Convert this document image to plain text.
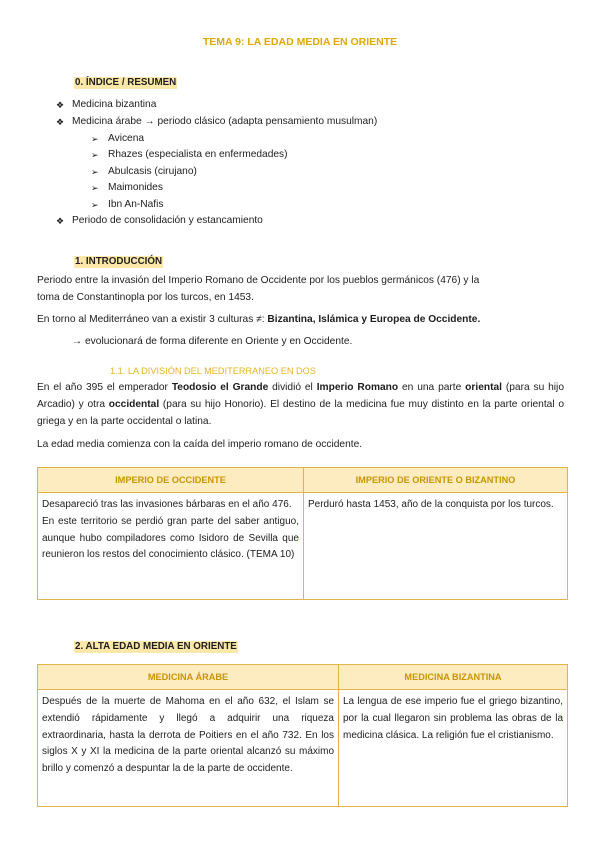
TEMA 9: LA EDAD MEDIA EN ORIENTE
0. ÍNDICE / RESUMEN
❖ Medicina bizantina
❖ Medicina árabe → periodo clásico (adapta pensamiento musulman)
➢ Avicena
➢ Rhazes (especialista en enfermedades)
➢ Abulcasis (cirujano)
➢ Maimonides
➢ Ibn An-Nafis
❖ Periodo de consolidación y estancamiento
1. INTRODUCCIÓN
Periodo entre la invasión del Imperio Romano de Occidente por los pueblos germánicos (476) y la
toma de Constantinopla por los turcos, en 1453.
En torno al Mediterráneo van a existir 3 culturas ≠: Bizantina, Islámica y Europea de Occidente.
→ evolucionará de forma diferente en Oriente y en Occidente.
1.1. LA DIVISIÓN DEL MEDITERRANEO EN DOS
En el año 395 el emperador Teodosio el Grande dividió el Imperio Romano en una parte oriental (para su hijo Arcadio) y otra occidental (para su hijo Honorio). El destino de la medicina fue muy distinto en la parte oriental o griega y en la parte occidental o latina.
La edad media comienza con la caída del imperio romano de occidente.
IMPERIO DE OCCIDENTE	IMPERIO DE ORIENTE O BIZANTINO

Desapareció tras las invasiones bárbaras en el año 476.
En este territorio se perdió gran parte del saber antiguo, aunque hubo compiladores como Isidoro de Sevilla que reunieron los restos del conocimiento clásico. (TEMA 10)	Perduró hasta 1453, año de la conquista por los turcos.
2. ALTA EDAD MEDIA EN ORIENTE
MEDICINA ÁRABE	MEDICINA BIZANTINA
Después de la muerte de Mahoma en el año 632, el Islam se extendió rápidamente y llegó a adquirir una riqueza extraordinaria, hasta la derrota de Poitiers en el año 732. En los siglos X y XI la medicina de la parte oriental alcanzó su máximo brillo y comenzó a despuntar la de la parte de occidente.	La lengua de ese imperio fue el griego bizantino, por la cual llegaron sin problema las obras de la medicina clásica. La religión fue el cristianismo.
